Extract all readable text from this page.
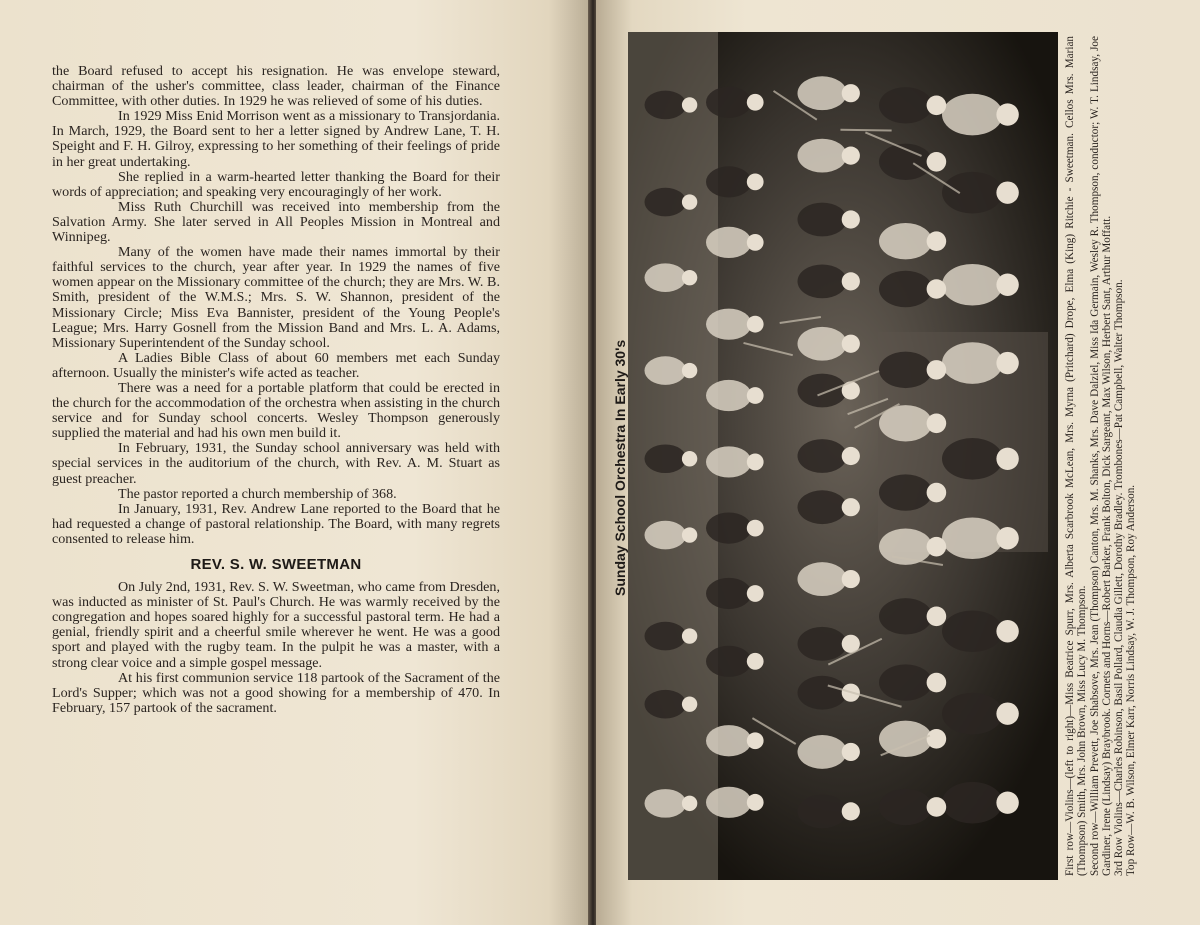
the Board refused to accept his resignation. He was envelope steward, chairman of the usher's committee, class leader, chairman of the Finance Committee, with other duties. In 1929 he was relieved of some of his duties.

In 1929 Miss Enid Morrison went as a missionary to Transjordania. In March, 1929, the Board sent to her a letter signed by Andrew Lane, T. H. Speight and F. H. Gilroy, expressing to her something of their feelings of pride in her great undertaking.

She replied in a warm-hearted letter thanking the Board for their words of appreciation; and speaking very encouragingly of her work.

Miss Ruth Churchill was received into membership from the Salvation Army. She later served in All Peoples Mission in Montreal and Winnipeg.

Many of the women have made their names immortal by their faithful services to the church, year after year. In 1929 the names of five women appear on the Missionary committee of the church; they are Mrs. W. B. Smith, president of the W.M.S.; Mrs. S. W. Shannon, president of the Missionary Circle; Miss Eva Bannister, president of the Young People's League; Mrs. Harry Gosnell from the Mission Band and Mrs. L. A. Adams, Missionary Superintendent of the Sunday school.

A Ladies Bible Class of about 60 members met each Sunday afternoon. Usually the minister's wife acted as teacher.

There was a need for a portable platform that could be erected in the church for the accommodation of the orchestra when assisting in the church service and for Sunday school concerts. Wesley Thompson generously supplied the material and had his own men build it.

In February, 1931, the Sunday school anniversary was held with special services in the auditorium of the church, with Rev. A. M. Stuart as guest preacher.

The pastor reported a church membership of 368.

In January, 1931, Rev. Andrew Lane reported to the Board that he had requested a change of pastoral relationship. The Board, with many regrets consented to release him.

REV. S. W. SWEETMAN

On July 2nd, 1931, Rev. S. W. Sweetman, who came from Dresden, was inducted as minister of St. Paul's Church. He was warmly received by the congregation and hopes soared highly for a successful pastoral term. He had a genial, friendly spirit and a cheerful smile wherever he went. He was a good sport and played with the rugby team. In the pulpit he was a master, with a strong clear voice and a simple gospel message.

At his first communion service 118 partook of the Sacrament of the Lord's Supper; which was not a good showing for a membership of 470. In February, 157 partook of the sacrament.

Sunday School Orchestra In Early 30's	First row—Violins—(left to right)—Miss Beatrice Spurr, Mrs. Alberta Scarbrook McLean, Mrs. Myrna (Pritchard) Drope, Elma (King) Ritchie - Sweetman. Cellos Mrs. Marian (Thompson) Smith, Mrs. John Brown, Miss Lucy M. Thompson. Second row—William Prevett, Joe Shabsove, Mrs. Jean (Thompson) Canton, Mrs. M. Shanks, Mrs. Dave Dalziel, Miss Ida Germain, Wesley R. Thompson, conductor; W. T. Lindsay, Joe Gardiner, Irene (Lindsay) Braybrook. Cornets and Horns—Robert Barker, Frank Bolton, Dick Sargeant, Max Wilson, Herbert Sant, Arthur Moffatt. 3rd Row Violins—Charles Robinson, Basil Pollard, Claudia Gillett, Dorothy Bradley. Trombones—Pat Campbell, Walter Thompson. Top Row—W. B. Wilson, Elmer Karr, Norris Lindsay, W. J. Thompson, Roy Anderson.
